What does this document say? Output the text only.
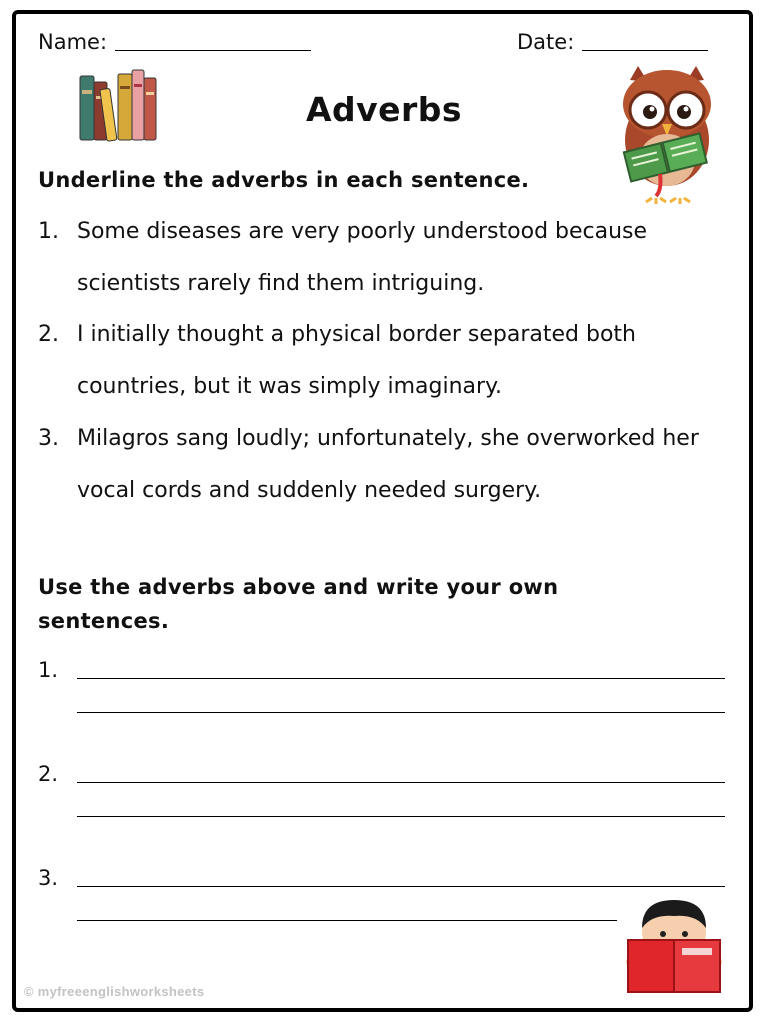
Name:	Date:
Adverbs
Underline the adverbs in each sentence.
1. Some diseases are very poorly understood because scientists rarely find them intriguing.
2. I initially thought a physical border separated both countries, but it was simply imaginary.
3. Milagros sang loudly; unfortunately, she overworked her vocal cords and suddenly needed surgery.
Use the adverbs above and write your own sentences.
1.
2.
3.
© myfreeenglishworksheets
